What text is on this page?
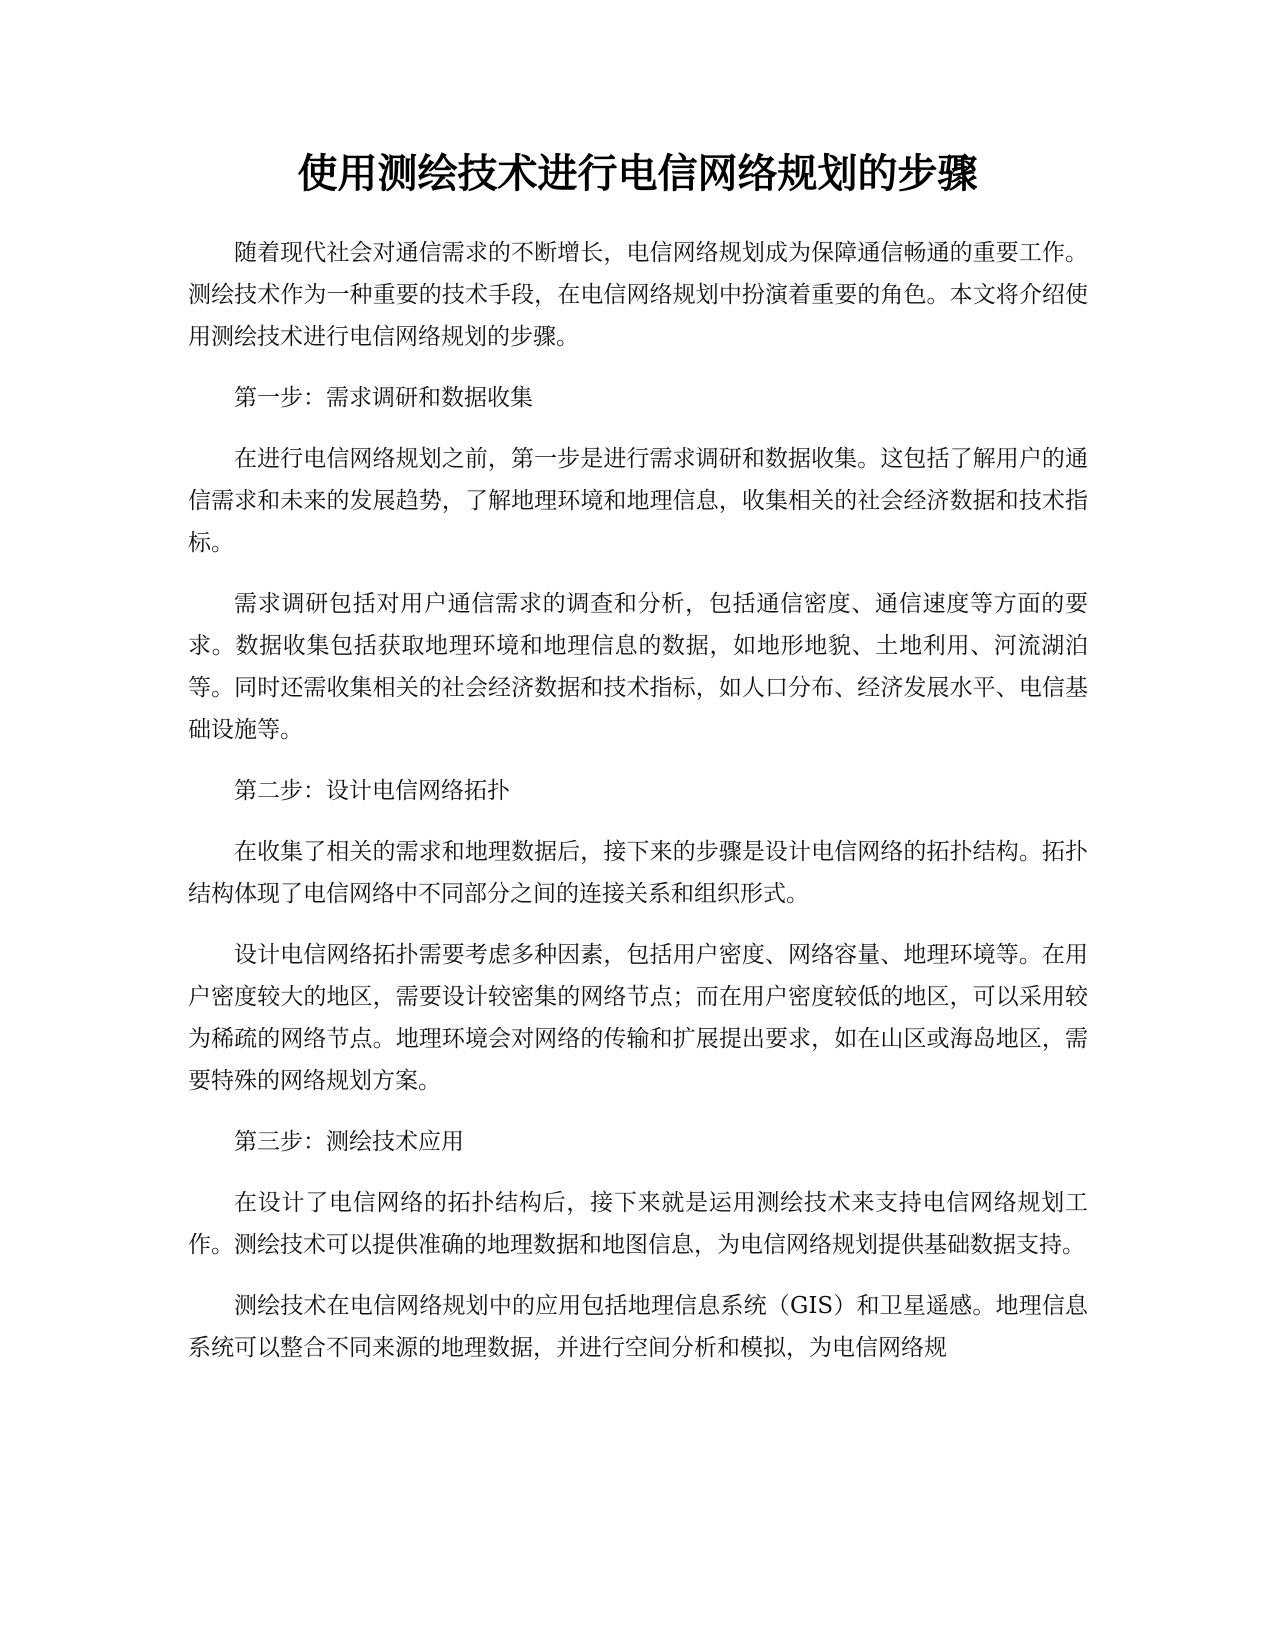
使用测绘技术进行电信网络规划的步骤

随着现代社会对通信需求的不断增长，电信网络规划成为保障通信畅通的重要工作。测绘技术作为一种重要的技术手段，在电信网络规划中扮演着重要的角色。本文将介绍使用测绘技术进行电信网络规划的步骤。

第一步：需求调研和数据收集

在进行电信网络规划之前，第一步是进行需求调研和数据收集。这包括了解用户的通信需求和未来的发展趋势，了解地理环境和地理信息，收集相关的社会经济数据和技术指标。

需求调研包括对用户通信需求的调查和分析，包括通信密度、通信速度等方面的要求。数据收集包括获取地理环境和地理信息的数据，如地形地貌、土地利用、河流湖泊等。同时还需收集相关的社会经济数据和技术指标，如人口分布、经济发展水平、电信基础设施等。

第二步：设计电信网络拓扑

在收集了相关的需求和地理数据后，接下来的步骤是设计电信网络的拓扑结构。拓扑结构体现了电信网络中不同部分之间的连接关系和组织形式。

设计电信网络拓扑需要考虑多种因素，包括用户密度、网络容量、地理环境等。在用户密度较大的地区，需要设计较密集的网络节点；而在用户密度较低的地区，可以采用较为稀疏的网络节点。地理环境会对网络的传输和扩展提出要求，如在山区或海岛地区，需要特殊的网络规划方案。

第三步：测绘技术应用

在设计了电信网络的拓扑结构后，接下来就是运用测绘技术来支持电信网络规划工作。测绘技术可以提供准确的地理数据和地图信息，为电信网络规划提供基础数据支持。

测绘技术在电信网络规划中的应用包括地理信息系统（GIS）和卫星遥感。地理信息系统可以整合不同来源的地理数据，并进行空间分析和模拟，为电信网络规
